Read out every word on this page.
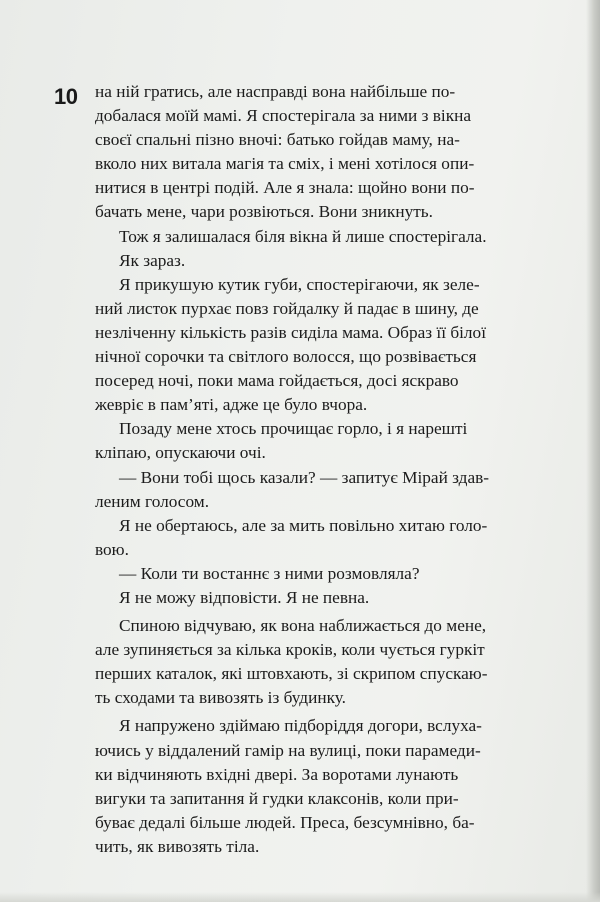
10 на ній гратись, але насправді вона найбільше по-
добалася моїй мамі. Я спостерігала за ними з вікна
своєї спальні пізно вночі: батько гойдав маму, на-
вколо них витала магія та сміх, і мені хотілося опи-
нитися в центрі подій. Але я знала: щойно вони по-
бачать мене, чари розвіються. Вони зникнуть.
Тож я залишалася біля вікна й лише спостерігала.
Як зараз.
Я прикушую кутик губи, спостерігаючи, як зеле-
ний листок пурхає повз гойдалку й падає в шину, де
незліченну кількість разів сиділа мама. Образ її білої
нічної сорочки та світлого волосся, що розвівається
посеред ночі, поки мама гойдається, досі яскраво
жевріє в пам’яті, адже це було вчора.
Позаду мене хтось прочищає горло, і я нарешті
кліпаю, опускаючи очі.
— Вони тобі щось казали? — запитує Мірай здав-
леним голосом.
Я не обертаюсь, але за мить повільно хитаю голо-
вою.
— Коли ти востаннє з ними розмовляла?
Я не можу відповісти. Я не певна.
Спиною відчуваю, як вона наближається до мене,
але зупиняється за кілька кроків, коли чується гуркіт
перших каталок, які штовхають, зі скрипом спускаю-
ть сходами та вивозять із будинку.
Я напружено здіймаю підборіддя догори, вслуха-
ючись у віддалений гамір на вулиці, поки парамеди-
ки відчиняють вхідні двері. За воротами лунають
вигуки та запитання й гудки клаксонів, коли при-
буває дедалі більше людей. Преса, безсумнівно, ба-
чить, як вивозять тіла.
